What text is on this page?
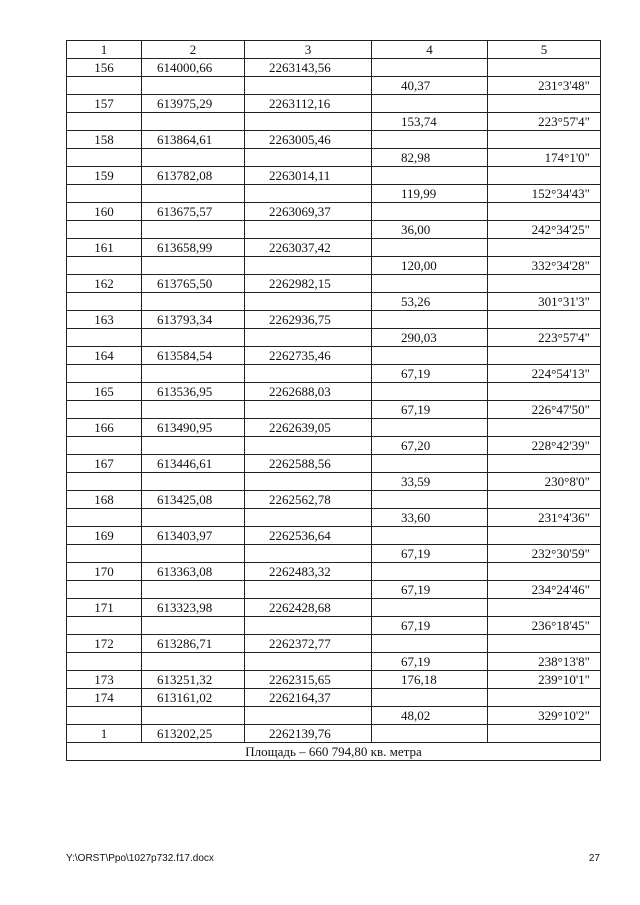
1	2	3	4	5
156	614000,66	2263143,56		
			40,37	231°3'48"
157	613975,29	2263112,16		
			153,74	223°57'4"
158	613864,61	2263005,46		
			82,98	174°1'0"
159	613782,08	2263014,11		
			119,99	152°34'43"
160	613675,57	2263069,37		
			36,00	242°34'25"
161	613658,99	2263037,42		
			120,00	332°34'28"
162	613765,50	2262982,15		
			53,26	301°31'3"
163	613793,34	2262936,75		
			290,03	223°57'4"
164	613584,54	2262735,46		
			67,19	224°54'13"
165	613536,95	2262688,03		
			67,19	226°47'50"
166	613490,95	2262639,05		
			67,20	228°42'39"
167	613446,61	2262588,56		
			33,59	230°8'0"
168	613425,08	2262562,78		
			33,60	231°4'36"
169	613403,97	2262536,64		
			67,19	232°30'59"
170	613363,08	2262483,32		
			67,19	234°24'46"
171	613323,98	2262428,68		
			67,19	236°18'45"
172	613286,71	2262372,77		
			67,19	238°13'8"
173	613251,32	2262315,65	176,18	239°10'1"
174	613161,02	2262164,37		
			48,02	329°10'2"
1	613202,25	2262139,76		
Площадь – 660 794,80 кв. метра				
Y:\ORST\Ppo\1027p732.f17.docx	27
